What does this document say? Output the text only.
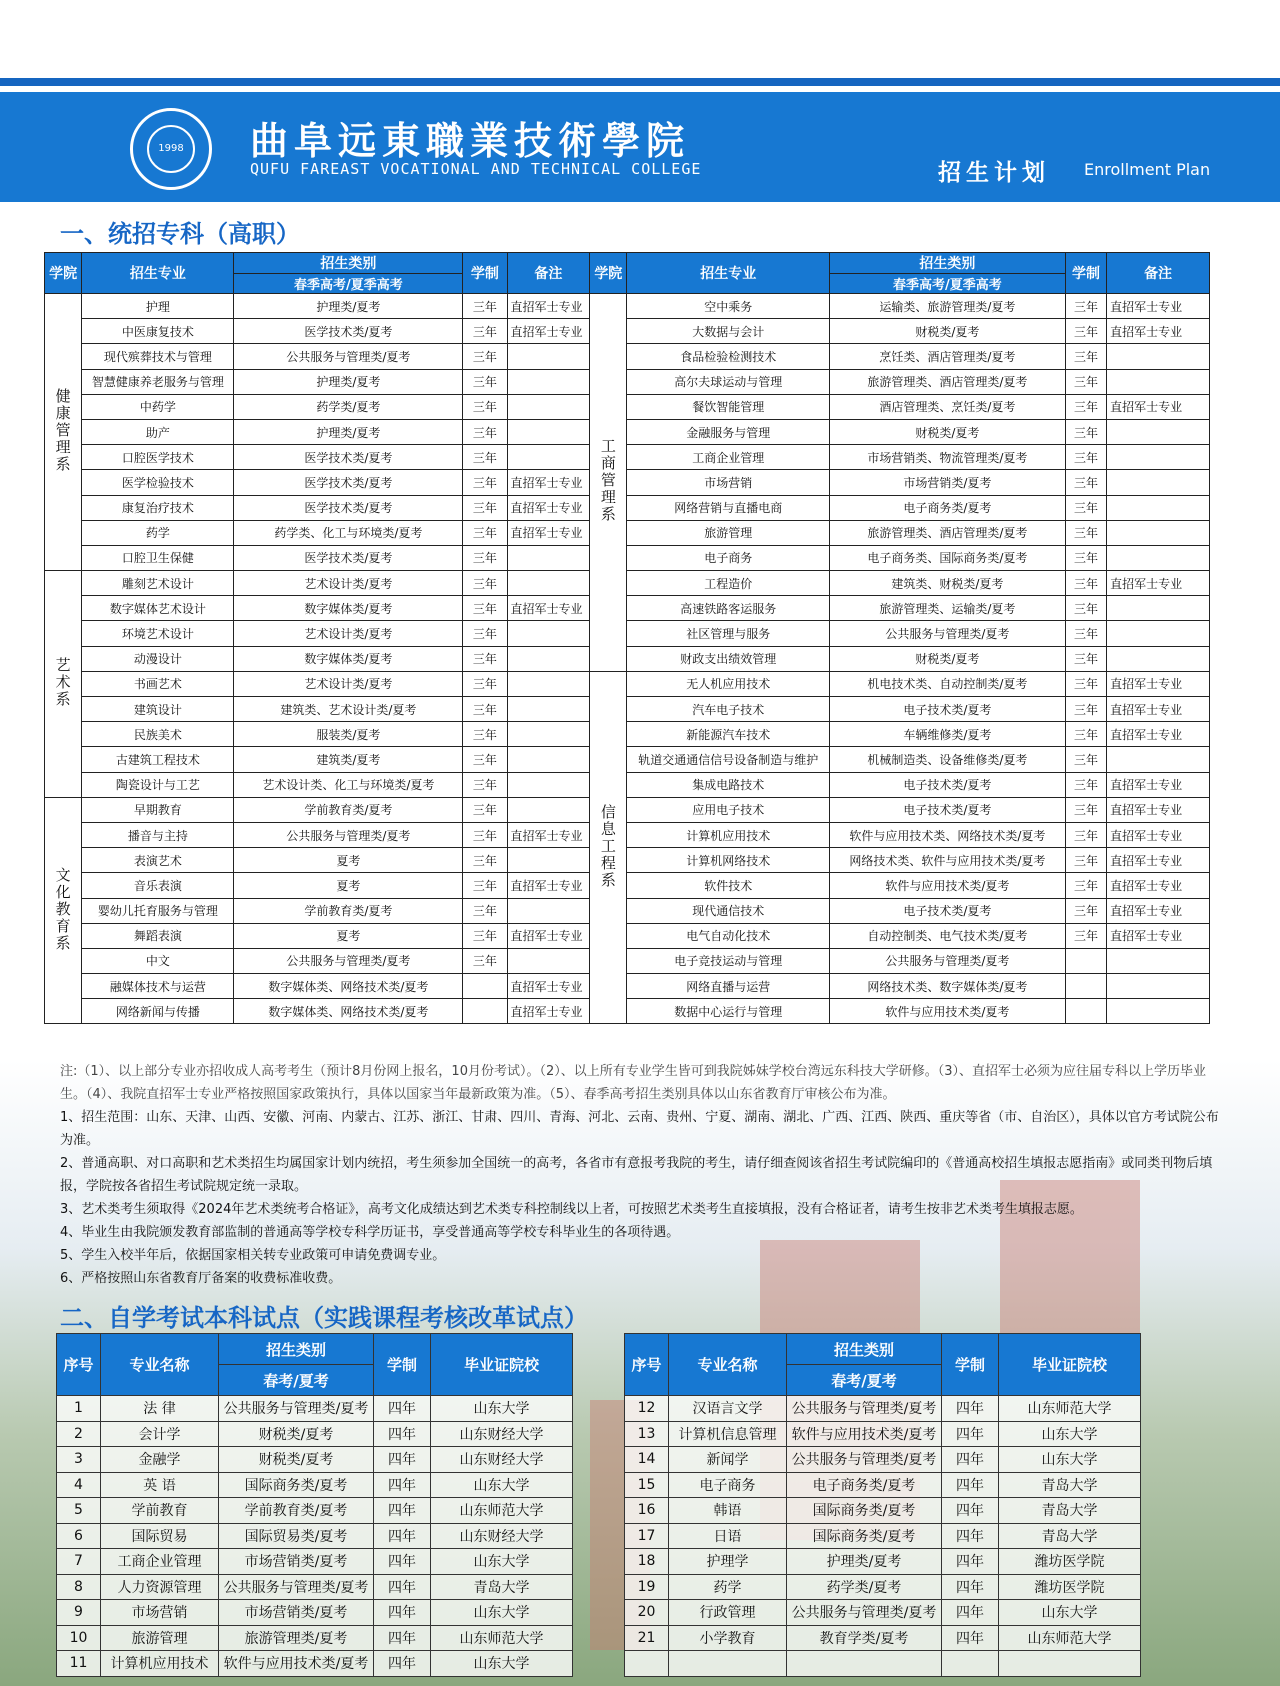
1998 曲阜远東職業技術學院
QUFU FAREAST VOCATIONAL AND TECHNICAL COLLEGE	招生计划 Enrollment Plan
一、统招专科（高职）
学院	招生专业	招生类别	学制	备注	学院	招生专业	招生类别	学制	备注
		春季高考/夏季高考					春季高考/夏季高考		
健康管理系	护理	护理类/夏考	三年	直招军士专业	工商管理系	空中乘务	运输类、旅游管理类/夏考	三年	直招军士专业
	中医康复技术	医学技术类/夏考	三年	直招军士专业		大数据与会计	财税类/夏考	三年	直招军士专业
	现代殡葬技术与管理	公共服务与管理类/夏考	三年			食品检验检测技术	烹饪类、酒店管理类/夏考	三年	
	智慧健康养老服务与管理	护理类/夏考	三年			高尔夫球运动与管理	旅游管理类、酒店管理类/夏考	三年	
	中药学	药学类/夏考	三年			餐饮智能管理	酒店管理类、烹饪类/夏考	三年	直招军士专业
	助产	护理类/夏考	三年			金融服务与管理	财税类/夏考	三年	
	口腔医学技术	医学技术类/夏考	三年			工商企业管理	市场营销类、物流管理类/夏考	三年	
	医学检验技术	医学技术类/夏考	三年	直招军士专业		市场营销	市场营销类/夏考	三年	
	康复治疗技术	医学技术类/夏考	三年	直招军士专业		网络营销与直播电商	电子商务类/夏考	三年	
	药学	药学类、化工与环境类/夏考	三年	直招军士专业		旅游管理	旅游管理类、酒店管理类/夏考	三年	
	口腔卫生保健	医学技术类/夏考	三年			电子商务	电子商务类、国际商务类/夏考	三年	
艺术系	雕刻艺术设计	艺术设计类/夏考	三年			工程造价	建筑类、财税类/夏考	三年	直招军士专业
	数字媒体艺术设计	数字媒体类/夏考	三年	直招军士专业		高速铁路客运服务	旅游管理类、运输类/夏考	三年	
	环境艺术设计	艺术设计类/夏考	三年			社区管理与服务	公共服务与管理类/夏考	三年	
	动漫设计	数字媒体类/夏考	三年			财政支出绩效管理	财税类/夏考	三年	
	书画艺术	艺术设计类/夏考	三年		信息工程系	无人机应用技术	机电技术类、自动控制类/夏考	三年	直招军士专业
	建筑设计	建筑类、艺术设计类/夏考	三年			汽车电子技术	电子技术类/夏考	三年	直招军士专业
	民族美术	服装类/夏考	三年			新能源汽车技术	车辆维修类/夏考	三年	直招军士专业
	古建筑工程技术	建筑类/夏考	三年			轨道交通通信信号设备制造与维护	机械制造类、设备维修类/夏考	三年	
	陶瓷设计与工艺	艺术设计类、化工与环境类/夏考	三年			集成电路技术	电子技术类/夏考	三年	直招军士专业
文化教育系	早期教育	学前教育类/夏考	三年			应用电子技术	电子技术类/夏考	三年	直招军士专业
	播音与主持	公共服务与管理类/夏考	三年	直招军士专业		计算机应用技术	软件与应用技术类、网络技术类/夏考	三年	直招军士专业
	表演艺术	夏考	三年			计算机网络技术	网络技术类、软件与应用技术类/夏考	三年	直招军士专业
	音乐表演	夏考	三年	直招军士专业		软件技术	软件与应用技术类/夏考	三年	直招军士专业
	婴幼儿托育服务与管理	学前教育类/夏考	三年			现代通信技术	电子技术类/夏考	三年	直招军士专业
	舞蹈表演	夏考	三年	直招军士专业		电气自动化技术	自动控制类、电气技术类/夏考	三年	直招军士专业
	中文	公共服务与管理类/夏考	三年			电子竞技运动与管理	公共服务与管理类/夏考		
	融媒体技术与运营	数字媒体类、网络技术类/夏考		直招军士专业		网络直播与运营	网络技术类、数字媒体类/夏考		
	网络新闻与传播	数字媒体类、网络技术类/夏考		直招军士专业		数据中心运行与管理	软件与应用技术类/夏考		
注:（1）、以上部分专业亦招收成人高考考生（预计8月份网上报名，10月份考试）。（2）、以上所有专业学生皆可到我院姊妹学校台湾远东科技大学研修。（3）、直招军士必须为应往届专科以上学历毕业生。（4）、我院直招军士专业严格按照国家政策执行，具体以国家当年最新政策为准。（5）、春季高考招生类别具体以山东省教育厅审核公布为准。
1、招生范围：山东、天津、山西、安徽、河南、内蒙古、江苏、浙江、甘肃、四川、青海、河北、云南、贵州、宁夏、湖南、湖北、广西、江西、陕西、重庆等省（市、自治区），具体以官方考试院公布为准。
2、普通高职、对口高职和艺术类招生均属国家计划内统招，考生须参加全国统一的高考，各省市有意报考我院的考生，请仔细查阅该省招生考试院编印的《普通高校招生填报志愿指南》或同类刊物后填报，学院按各省招生考试院规定统一录取。
3、艺术类考生须取得《2024年艺术类统考合格证》，高考文化成绩达到艺术类专科控制线以上者，可按照艺术类考生直接填报，没有合格证者，请考生按非艺术类考生填报志愿。
4、毕业生由我院颁发教育部监制的普通高等学校专科学历证书，享受普通高等学校专科毕业生的各项待遇。
5、学生入校半年后，依据国家相关转专业政策可申请免费调专业。
6、严格按照山东省教育厅备案的收费标准收费。
二、自学考试本科试点（实践课程考核改革试点）
序号	专业名称	招生类别	学制	毕业证院校
		春考/夏考		
1	法 律	公共服务与管理类/夏考	四年	山东大学
2	会计学	财税类/夏考	四年	山东财经大学
3	金融学	财税类/夏考	四年	山东财经大学
4	英 语	国际商务类/夏考	四年	山东大学
5	学前教育	学前教育类/夏考	四年	山东师范大学
6	国际贸易	国际贸易类/夏考	四年	山东财经大学
7	工商企业管理	市场营销类/夏考	四年	山东大学
8	人力资源管理	公共服务与管理类/夏考	四年	青岛大学
9	市场营销	市场营销类/夏考	四年	山东大学
10	旅游管理	旅游管理类/夏考	四年	山东师范大学
11	计算机应用技术	软件与应用技术类/夏考	四年	山东大学
序号	专业名称	招生类别	学制	毕业证院校
		春考/夏考		
12	汉语言文学	公共服务与管理类/夏考	四年	山东师范大学
13	计算机信息管理	软件与应用技术类/夏考	四年	山东大学
14	新闻学	公共服务与管理类/夏考	四年	山东大学
15	电子商务	电子商务类/夏考	四年	青岛大学
16	韩语	国际商务类/夏考	四年	青岛大学
17	日语	国际商务类/夏考	四年	青岛大学
18	护理学	护理类/夏考	四年	潍坊医学院
19	药学	药学类/夏考	四年	潍坊医学院
20	行政管理	公共服务与管理类/夏考	四年	山东大学
21	小学教育	教育学类/夏考	四年	山东师范大学
